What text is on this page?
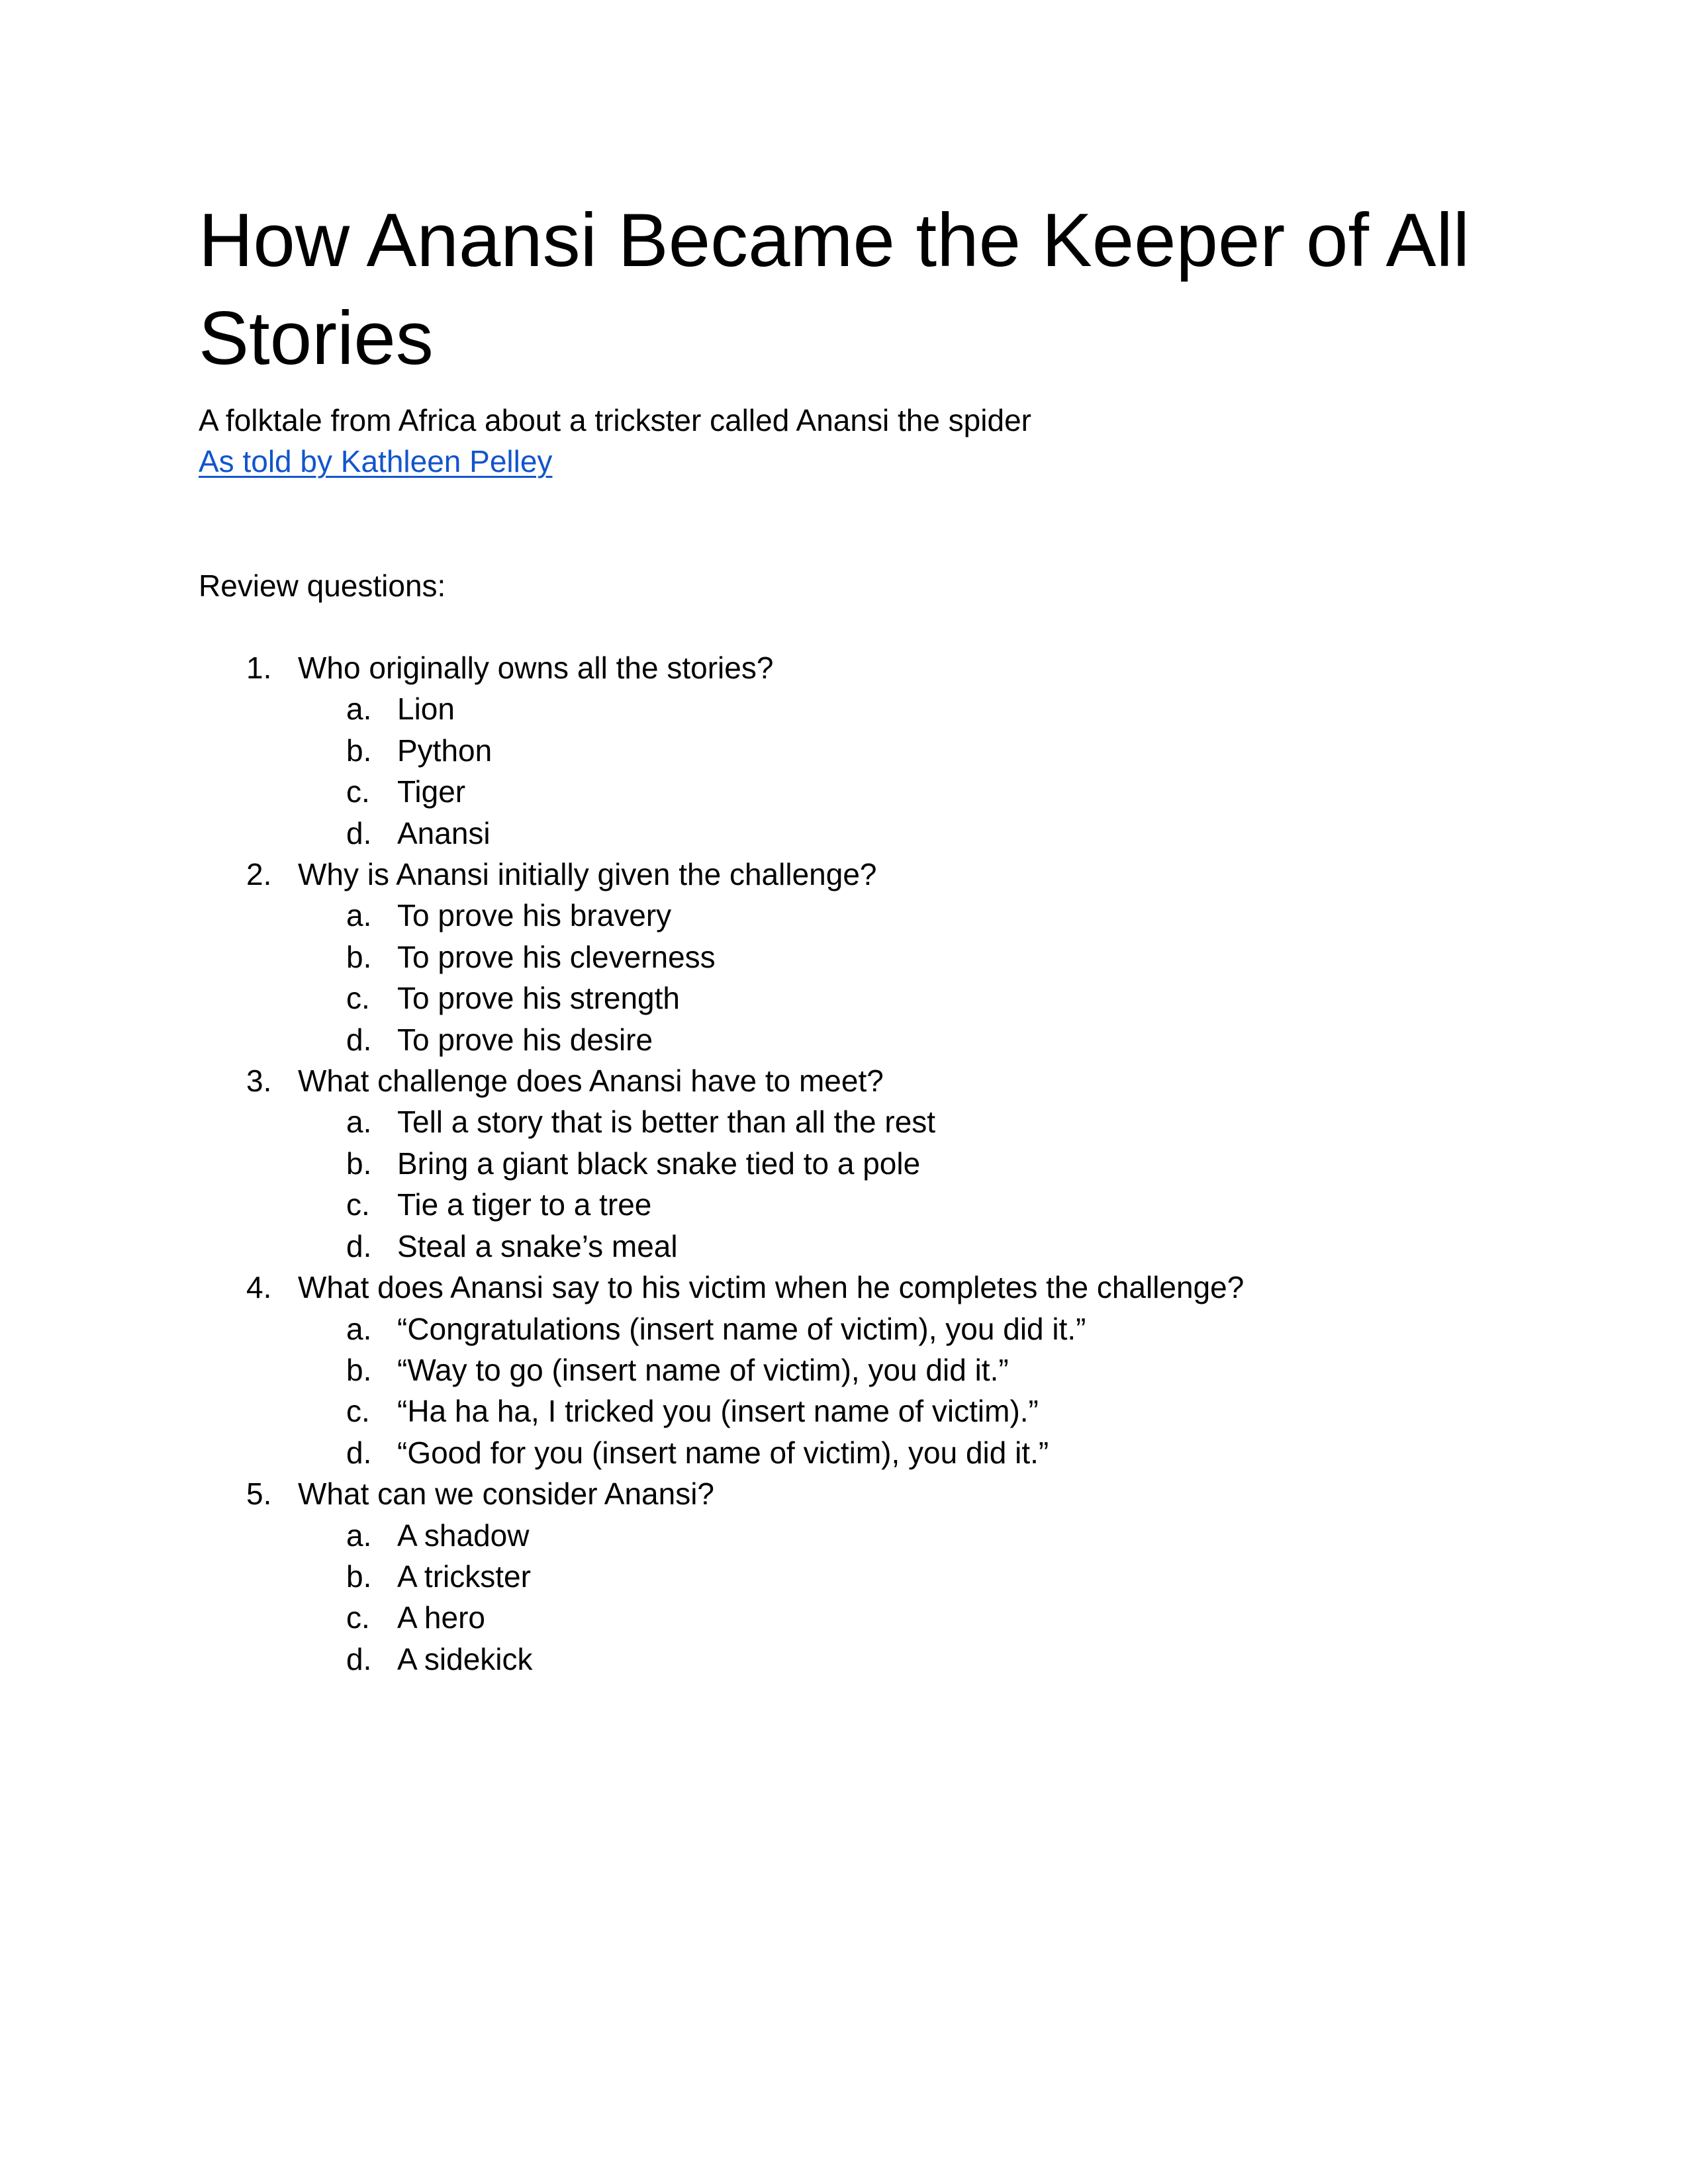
How Anansi Became the Keeper of All Stories
A folktale from Africa about a trickster called Anansi the spider
As told by Kathleen Pelley
Review questions:
1. Who originally owns all the stories?
a. Lion
b. Python
c. Tiger
d. Anansi
2. Why is Anansi initially given the challenge?
a. To prove his bravery
b. To prove his cleverness
c. To prove his strength
d. To prove his desire
3. What challenge does Anansi have to meet?
a. Tell a story that is better than all the rest
b. Bring a giant black snake tied to a pole
c. Tie a tiger to a tree
d. Steal a snake’s meal
4. What does Anansi say to his victim when he completes the challenge?
a. “Congratulations (insert name of victim), you did it.”
b. “Way to go (insert name of victim), you did it.”
c. “Ha ha ha, I tricked you (insert name of victim).”
d. “Good for you (insert name of victim), you did it.”
5. What can we consider Anansi?
a. A shadow
b. A trickster
c. A hero
d. A sidekick
